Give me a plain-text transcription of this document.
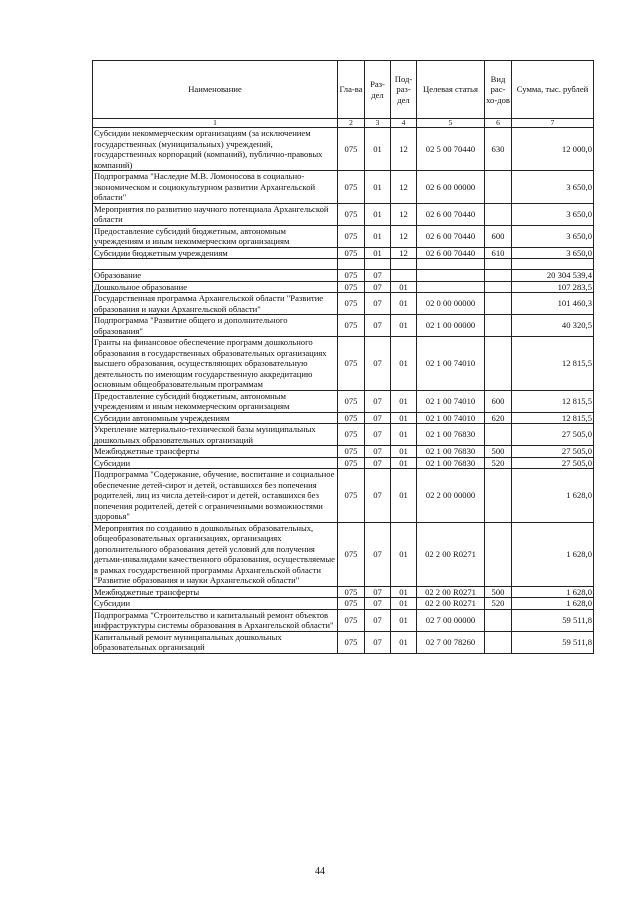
Наименование	Гла-ва	Раз-дел	Под-раз-дел	Целевая статья	Вид рас-хо-дов	Сумма, тыс. рублей
1	2	3	4	5	6	7
Субсидии некоммерческим организациям (за исключением государственных (муниципальных) учреждений, государственных корпораций (компаний), публично-правовых компаний)	075	01	12	02 5 00 70440	630	12 000,0
Подпрограмма "Наследие М.В. Ломоносова в социально-экономическом и социокультурном развитии Архангельской области"	075	01	12	02 6 00 00000		3 650,0
Мероприятия по развитию научного потенциала Архангельской области	075	01	12	02 6 00 70440		3 650,0
Предоставление субсидий бюджетным, автономным учреждениям и иным некоммерческим организациям	075	01	12	02 6 00 70440	600	3 650,0
Субсидии бюджетным учреждениям	075	01	12	02 6 00 70440	610	3 650,0

Образование	075	07				20 304 539,4
Дошкольное образование	075	07	01			107 283,5
Государственная программа Архангельской области "Развитие образования и науки Архангельской области"	075	07	01	02 0 00 00000		101 460,3
Подпрограмма "Развитие общего и дополнительного образования"	075	07	01	02 1 00 00000		40 320,5
Гранты на финансовое обеспечение программ дошкольного образования в государственных образовательных организациях высшего образования, осуществляющих образовательную деятельность по имеющим государственную аккредитацию основным общеобразовательным программам	075	07	01	02 1 00 74010		12 815,5
Предоставление субсидий бюджетным, автономным учреждениям и иным некоммерческим организациям	075	07	01	02 1 00 74010	600	12 815,5
Субсидии автономным учреждениям	075	07	01	02 1 00 74010	620	12 815,5
Укрепление материально-технической базы муниципальных дошкольных образовательных организаций	075	07	01	02 1 00 76830		27 505,0
Межбюджетные трансферты	075	07	01	02 1 00 76830	500	27 505,0
Субсидии	075	07	01	02 1 00 76830	520	27 505,0
Подпрограмма "Содержание, обучение, воспитание и социальное обеспечение детей-сирот и детей, оставшихся без попечения родителей, лиц из числа детей-сирот и детей, оставшихся без попечения родителей, детей с ограниченными возможностями здоровья"	075	07	01	02 2 00 00000		1 628,0
Мероприятия по созданию в дошкольных образовательных, общеобразовательных организациях, организациях дополнительного образования детей условий для получения детьми-инвалидами качественного образования, осуществляемые в рамках государственной программы Архангельской области "Развитие образования и науки Архангельской области"	075	07	01	02 2 00 R0271		1 628,0
Межбюджетные трансферты	075	07	01	02 2 00 R0271	500	1 628,0
Субсидии	075	07	01	02 2 00 R0271	520	1 628,0
Подпрограмма "Строительство и капитальный ремонт объектов инфраструктуры системы образования в Архангельской области"	075	07	01	02 7 00 00000		59 511,8
Капитальный ремонт муниципальных дошкольных образовательных организаций	075	07	01	02 7 00 78260		59 511,8
44
